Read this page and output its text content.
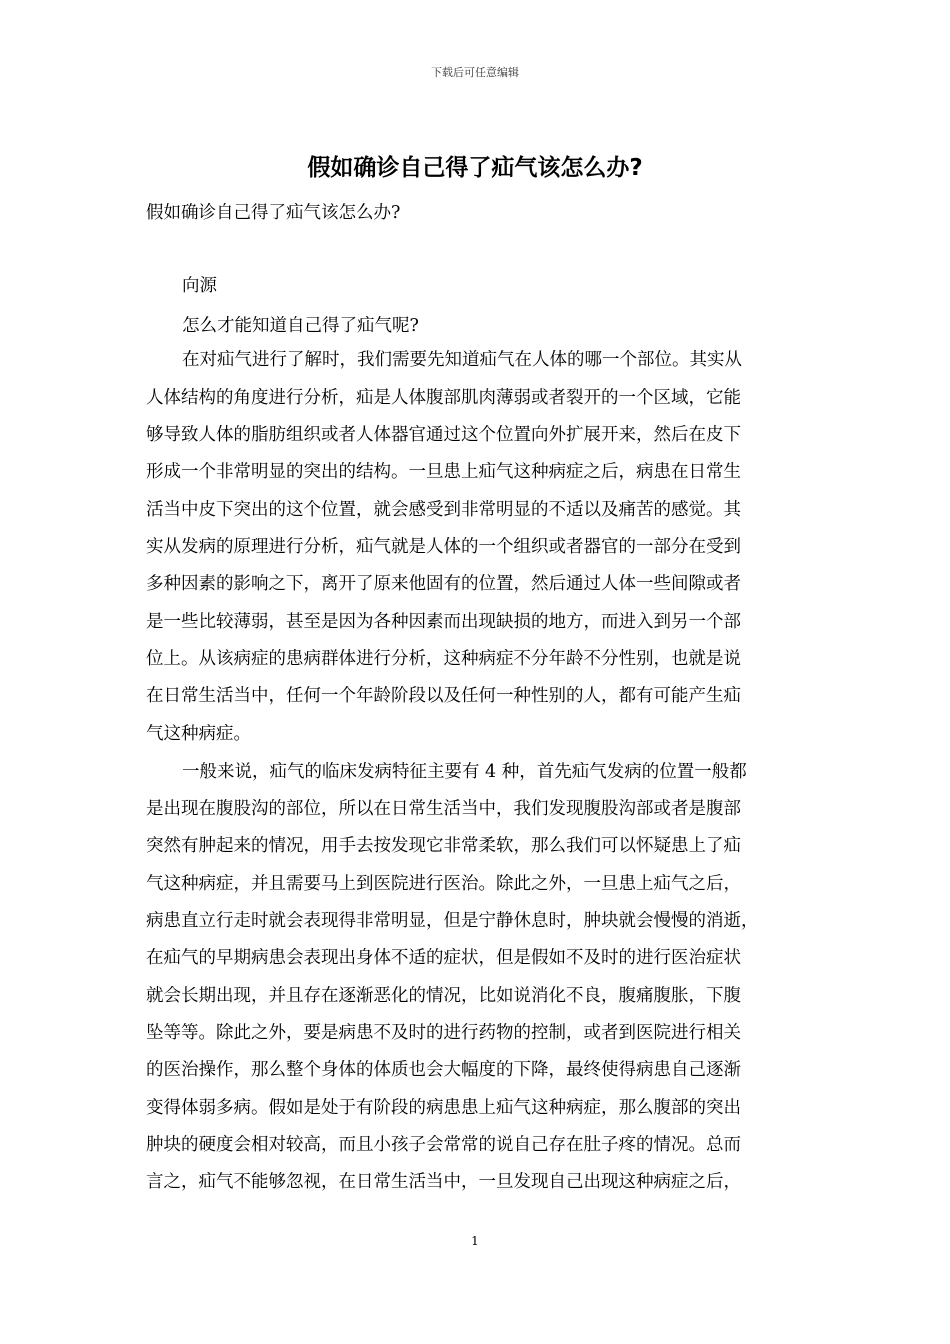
下载后可任意编辑
假如确诊自己得了疝气该怎么办?
假如确诊自己得了疝气该怎么办?
向源
怎么才能知道自己得了疝气呢?
在对疝气进行了解时，我们需要先知道疝气在人体的哪一个部位。其实从
人体结构的角度进行分析，疝是人体腹部肌肉薄弱或者裂开的一个区域，它能
够导致人体的脂肪组织或者人体器官通过这个位置向外扩展开来，然后在皮下
形成一个非常明显的突出的结构。一旦患上疝气这种病症之后，病患在日常生
活当中皮下突出的这个位置，就会感受到非常明显的不适以及痛苦的感觉。其
实从发病的原理进行分析，疝气就是人体的一个组织或者器官的一部分在受到
多种因素的影响之下，离开了原来他固有的位置，然后通过人体一些间隙或者
是一些比较薄弱，甚至是因为各种因素而出现缺损的地方，而进入到另一个部
位上。从该病症的患病群体进行分析，这种病症不分年龄不分性别，也就是说
在日常生活当中，任何一个年龄阶段以及任何一种性别的人，都有可能产生疝
气这种病症。
一般来说，疝气的临床发病特征主要有 4 种，首先疝气发病的位置一般都
是出现在腹股沟的部位，所以在日常生活当中，我们发现腹股沟部或者是腹部
突然有肿起来的情况，用手去按发现它非常柔软，那么我们可以怀疑患上了疝
气这种病症，并且需要马上到医院进行医治。除此之外，一旦患上疝气之后，
病患直立行走时就会表现得非常明显，但是宁静休息时，肿块就会慢慢的消逝，
在疝气的早期病患会表现出身体不适的症状，但是假如不及时的进行医治症状
就会长期出现，并且存在逐渐恶化的情况，比如说消化不良，腹痛腹胀，下腹
坠等等。除此之外，要是病患不及时的进行药物的控制，或者到医院进行相关
的医治操作，那么整个身体的体质也会大幅度的下降，最终使得病患自己逐渐
变得体弱多病。假如是处于有阶段的病患患上疝气这种病症，那么腹部的突出
肿块的硬度会相对较高，而且小孩子会常常的说自己存在肚子疼的情况。总而
言之，疝气不能够忽视，在日常生活当中，一旦发现自己出现这种病症之后，
1
